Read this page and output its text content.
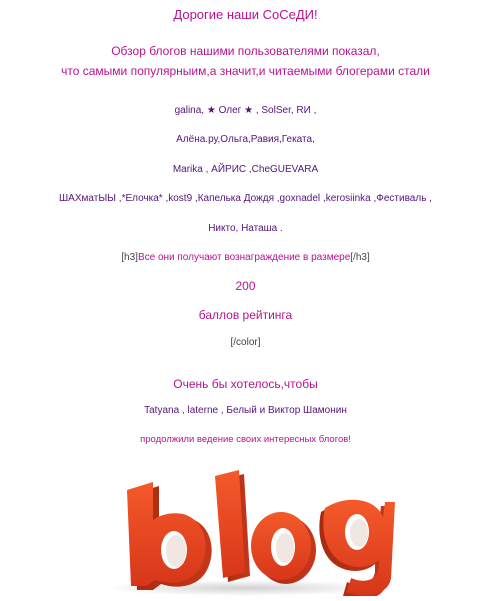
Дорогие наши СоСеДИ!
Обзор блогов нашими пользователями показал,
что самыми популярныим,а значит,и читаемыми блогерами стали
galina, ★ Олег ★ , SolSer, RИ ,
Алёна.ру,Ольга,Равия,Геката,
Marika , АЙРИС ,CheGUEVARA
ШАХматЫЫ ,*Елочка* ,kost9 ,Капелька Дождя ,goxnadel ,kerosiinka ,Фестиваль ,
Никто, Наташа .
[h3]Все они получают вознаграждение в размере[/h3]
200
баллов рейтинга
[/color]
Очень бы хотелось,чтобы
Tatyana , laterne , Белый и Виктор Шамонин
продолжили ведение своих интересных блогов!
